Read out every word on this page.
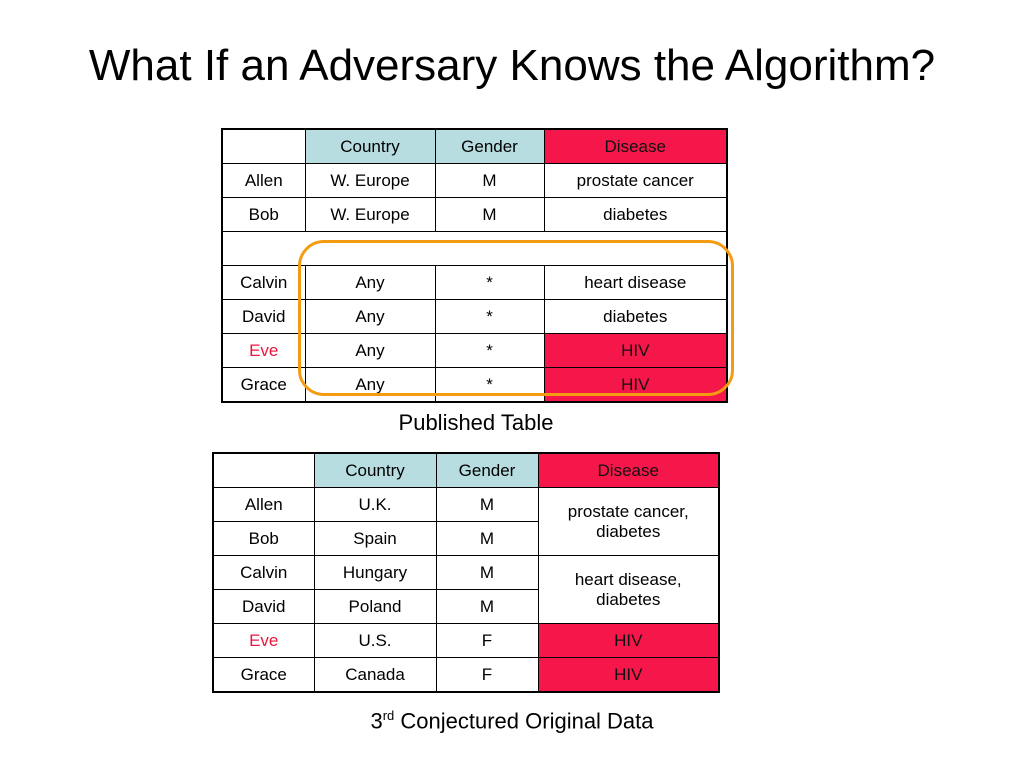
What If an Adversary Knows the Algorithm?
	Country	Gender	Disease
Allen	W. Europe	M	prostate cancer
Bob	W. Europe	M	diabetes

Calvin	Any	*	heart disease
David	Any	*	diabetes
Eve	Any	*	HIV
Grace	Any	*	HIV
Published Table
	Country	Gender	Disease
Allen	U.K.	M	prostate cancer,
diabetes
Bob	Spain	M	
Calvin	Hungary	M	heart disease,
diabetes
David	Poland	M	
Eve	U.S.	F	HIV
Grace	Canada	F	HIV
3rd Conjectured Original Data
